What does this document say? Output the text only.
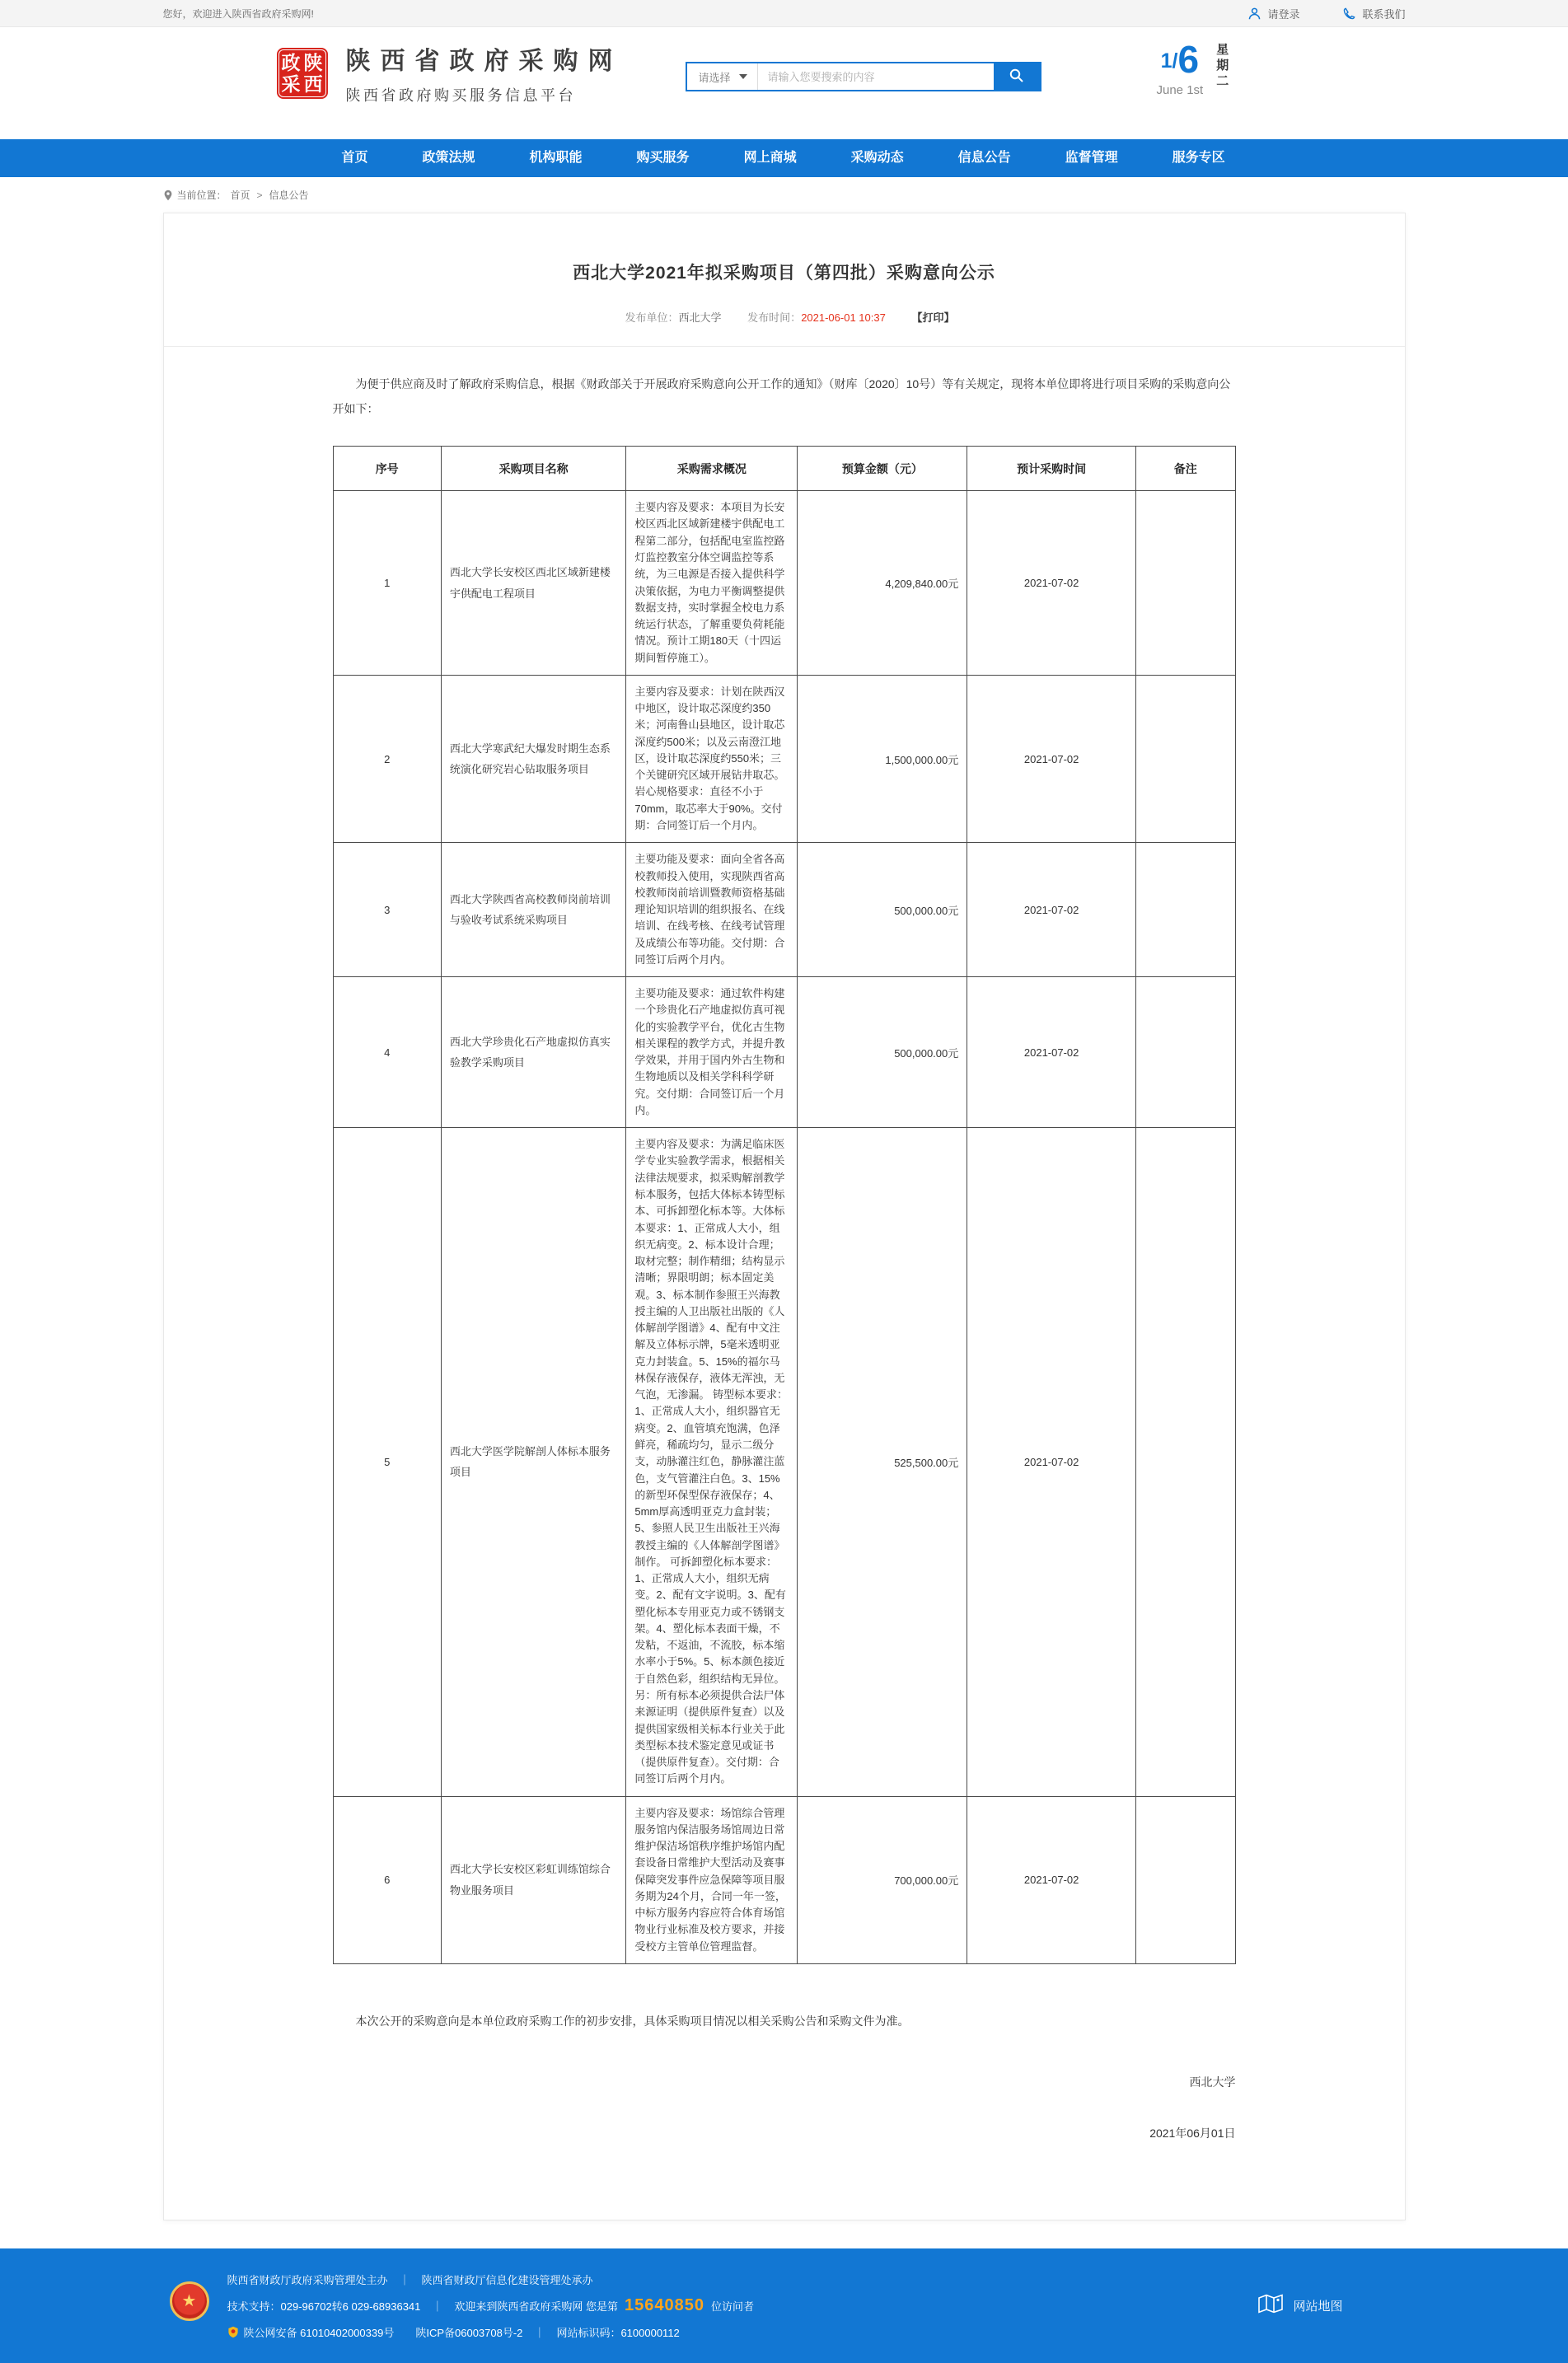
您好，欢迎进入陕西省政府采购网!	请登录	联系我们
政 陕
采 西
陕西省政府采购网
陕西省政府购买服务信息平台
请选择
请输入您要搜索的内容
1/6
June 1st
星期二
首页	政策法规	机构职能	购买服务	网上商城	采购动态	信息公告	监督管理	服务专区
当前位置： 首页 > 信息公告
西北大学2021年拟采购项目（第四批）采购意向公示
发布单位：西北大学 发布时间：2021-06-01 10:37 【打印】

为便于供应商及时了解政府采购信息，根据《财政部关于开展政府采购意向公开工作的通知》（财库〔2020〕10号）等有关规定，现将本单位即将进行项目采购的采购意向公开如下：

序号	采购项目名称	采购需求概况	预算金额（元）	预计采购时间	备注
1	西北大学长安校区西北区域新建楼宇供配电工程项目	主要内容及要求：本项目为长安校区西北区域新建楼宇供配电工程第二部分，包括配电室监控路灯监控教室分体空调监控等系统，为三电源是否接入提供科学决策依据，为电力平衡调整提供数据支持，实时掌握全校电力系统运行状态，了解重要负荷耗能情况。预计工期180天（十四运期间暂停施工）。	4,209,840.00元	2021-07-02	
2	西北大学寒武纪大爆发时期生态系统演化研究岩心钻取服务项目	主要内容及要求：计划在陕西汉中地区，设计取芯深度约350米；河南鲁山县地区，设计取芯深度约500米；以及云南澄江地区，设计取芯深度约550米；三个关键研究区域开展钻井取芯。岩心规格要求：直径不小于70mm，取芯率大于90%。交付期：合同签订后一个月内。	1,500,000.00元	2021-07-02	
3	西北大学陕西省高校教师岗前培训与验收考试系统采购项目	主要功能及要求：面向全省各高校教师投入使用，实现陕西省高校教师岗前培训暨教师资格基础理论知识培训的组织报名、在线培训、在线考核、在线考试管理及成绩公布等功能。交付期：合同签订后两个月内。	500,000.00元	2021-07-02	
4	西北大学珍贵化石产地虚拟仿真实验教学采购项目	主要功能及要求：通过软件构建一个珍贵化石产地虚拟仿真可视化的实验教学平台，优化古生物相关课程的教学方式，并提升教学效果，并用于国内外古生物和生物地质以及相关学科科学研究。交付期：合同签订后一个月内。	500,000.00元	2021-07-02	
5	西北大学医学院解剖人体标本服务项目	主要内容及要求：为满足临床医学专业实验教学需求，根据相关法律法规要求，拟采购解剖教学标本服务，包括大体标本铸型标本、可拆卸塑化标本等。大体标本要求：1、正常成人大小，组织无病变。2、标本设计合理；取材完整；制作精细；结构显示清晰；界限明朗；标本固定美观。3、标本制作参照王兴海教授主编的人卫出版社出版的《人体解剖学图谱》4、配有中文注解及立体标示牌，5毫米透明亚克力封装盒。5、15%的福尔马林保存液保存，液体无浑浊，无气泡，无渗漏。 铸型标本要求：1、正常成人大小，组织器官无病变。2、血管填充饱满，色泽鲜亮，稀疏均匀，显示二级分支，动脉灌注红色，静脉灌注蓝色，支气管灌注白色。3、15%的新型环保型保存液保存；4、5mm厚高透明亚克力盒封装；5、参照人民卫生出版社王兴海教授主编的《人体解剖学图谱》制作。 可拆卸塑化标本要求：1、正常成人大小，组织无病变。2、配有文字说明。3、配有塑化标本专用亚克力或不锈钢支架。4、塑化标本表面干燥，不发粘，不返油，不流胶，标本缩水率小于5%。5、标本颜色接近于自然色彩，组织结构无异位。 另：所有标本必须提供合法尸体来源证明（提供原件复查）以及提供国家级相关标本行业关于此类型标本技术鉴定意见或证书（提供原件复查）。交付期：合同签订后两个月内。	525,500.00元	2021-07-02	
6	西北大学长安校区彩虹训练馆综合物业服务项目	主要内容及要求：场馆综合管理服务馆内保洁服务场馆周边日常维护保洁场馆秩序维护场馆内配套设备日常维护大型活动及赛事保障突发事件应急保障等项目服务期为24个月，合同一年一签，中标方服务内容应符合体育场馆物业行业标准及校方要求，并接受校方主管单位管理监督。	700,000.00元	2021-07-02	

本次公开的采购意向是本单位政府采购工作的初步安排，具体采购项目情况以相关采购公告和采购文件为准。

西北大学
2021年06月01日
★
陕西省财政厅政府采购管理处主办 ｜ 陕西省财政厅信息化建设管理处承办
技术支持： 029-96702转6 029-68936341 ｜ 欢迎来到陕西省政府采购网 您是第 15640850 位访问者
陕公网安备 61010402000339号 陕ICP备06003708号-2 ｜ 网站标识码：6100000112
网站地图
